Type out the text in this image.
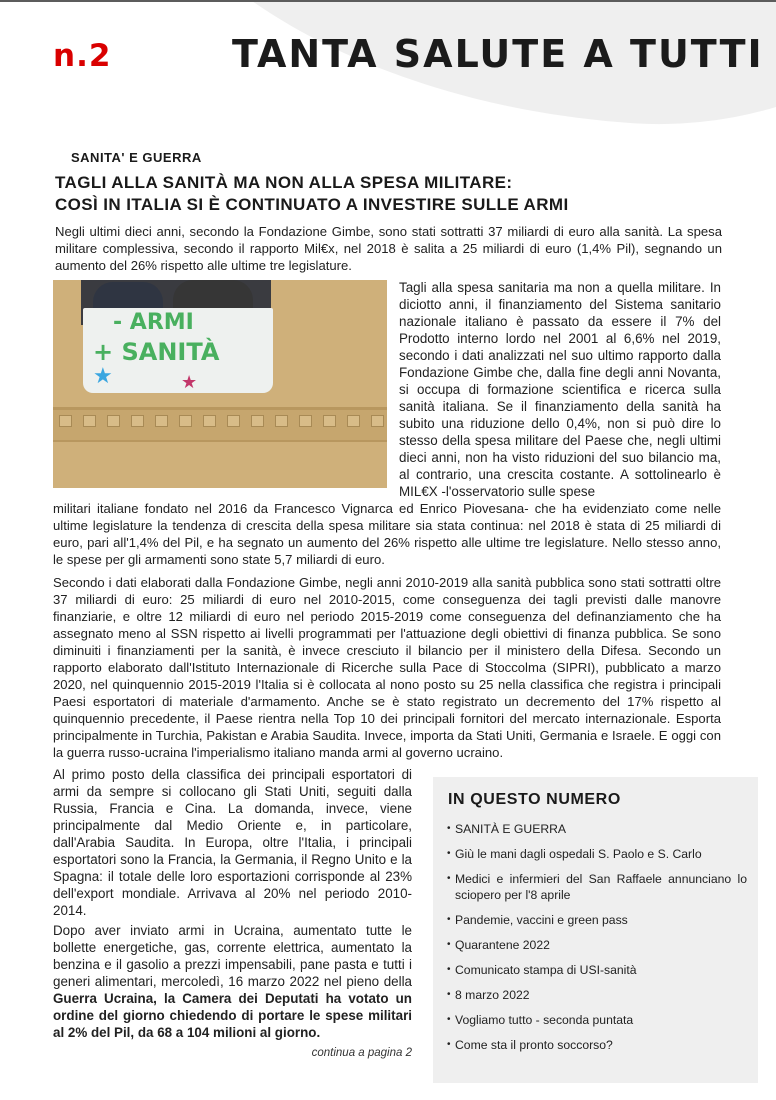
n.2	TANTA SALUTE A TUTTI
SANITA' E GUERRA
TAGLI ALLA SANITÀ MA NON ALLA SPESA MILITARE:
COSÌ IN ITALIA SI È CONTINUATO A INVESTIRE SULLE ARMI

Negli ultimi dieci anni, secondo la Fondazione Gimbe, sono stati sottratti 37 miliardi di euro alla sanità. La spesa militare complessiva, secondo il rapporto Mil€x, nel 2018 è salita a 25 miliardi di euro (1,4% Pil), segnando un aumento del 26% rispetto alle ultime tre legislature.

- ARMI
+ SANITÀ
★	★

Tagli alla spesa sanitaria ma non a quella militare. In diciotto anni, il finanziamento del Sistema sanitario nazionale italiano è passato da essere il 7% del Prodotto interno lordo nel 2001 al 6,6% nel 2019, secondo i dati analizzati nel suo ultimo rapporto dalla Fondazione Gimbe che, dalla fine degli anni Novanta, si occupa di formazione scientifica e ricerca sulla sanità italiana. Se il finanziamento della sanità ha subito una riduzione dello 0,4%, non si può dire lo stesso della spesa militare del Paese che, negli ultimi dieci anni, non ha visto riduzioni del suo bilancio ma, al contrario, una crescita costante. A sottolinearlo è MIL€X -l'osservatorio sulle spese

militari italiane fondato nel 2016 da Francesco Vignarca ed Enrico Piovesana- che ha evidenziato come nelle ultime legislature la tendenza di crescita della spesa militare sia stata continua: nel 2018 è stata di 25 miliardi di euro, pari all'1,4% del Pil, e ha segnato un aumento del 26% rispetto alle ultime tre legislature. Nello stesso anno, le spese per gli armamenti sono state 5,7 miliardi di euro.

Secondo i dati elaborati dalla Fondazione Gimbe, negli anni 2010-2019 alla sanità pubblica sono stati sottratti oltre 37 miliardi di euro: 25 miliardi di euro nel 2010-2015, come conseguenza dei tagli previsti dalle manovre finanziarie, e oltre 12 miliardi di euro nel periodo 2015-2019 come conseguenza del definanziamento che ha assegnato meno al SSN rispetto ai livelli programmati per l'attuazione degli obiettivi di finanza pubblica. Se sono diminuiti i finanziamenti per la sanità, è invece cresciuto il bilancio per il ministero della Difesa. Secondo un rapporto elaborato dall'Istituto Internazionale di Ricerche sulla Pace di Stoccolma (SIPRI), pubblicato a marzo 2020, nel quinquennio 2015-2019 l'Italia si è collocata al nono posto su 25 nella classifica che registra i principali Paesi esportatori di materiale d'armamento. Anche se è stato registrato un decremento del 17% rispetto al quinquennio precedente, il Paese rientra nella Top 10 dei principali fornitori del mercato internazionale. Esporta principalmente in Turchia, Pakistan e Arabia Saudita. Invece, importa da Stati Uniti, Germania e Israele. E oggi con la guerra russo-ucraina l'imperialismo italiano manda armi al governo ucraino.

Al primo posto della classifica dei principali esportatori di armi da sempre si collocano gli Stati Uniti, seguiti dalla Russia, Francia e Cina. La domanda, invece, viene principalmente dal Medio Oriente e, in particolare, dall'Arabia Saudita. In Europa, oltre l'Italia, i principali esportatori sono la Francia, la Germania, il Regno Unito e la Spagna: il totale delle loro esportazioni corrisponde al 23% dell'export mondiale. Arrivava al 20% nel periodo 2010-2014.

Dopo aver inviato armi in Ucraina, aumentato tutte le bollette energetiche, gas, corrente elettrica, aumentato la benzina e il gasolio a prezzi impensabili, pane pasta e tutti i generi alimentari, mercoledì, 16 marzo 2022 nel pieno della Guerra Ucraina, la Camera dei Deputati ha votato un ordine del giorno chiedendo di portare le spese militari al 2% del Pil, da 68 a 104 milioni al giorno.

continua a pagina 2
IN QUESTO NUMERO
• SANITÀ E GUERRA
• Giù le mani dagli ospedali S. Paolo e S. Carlo
• Medici e infermieri del San Raffaele annunciano lo sciopero per l'8 aprile
• Pandemie, vaccini e green pass
• Quarantene 2022
• Comunicato stampa di USI-sanità
• 8 marzo 2022
• Vogliamo tutto - seconda puntata
• Come sta il pronto soccorso?
